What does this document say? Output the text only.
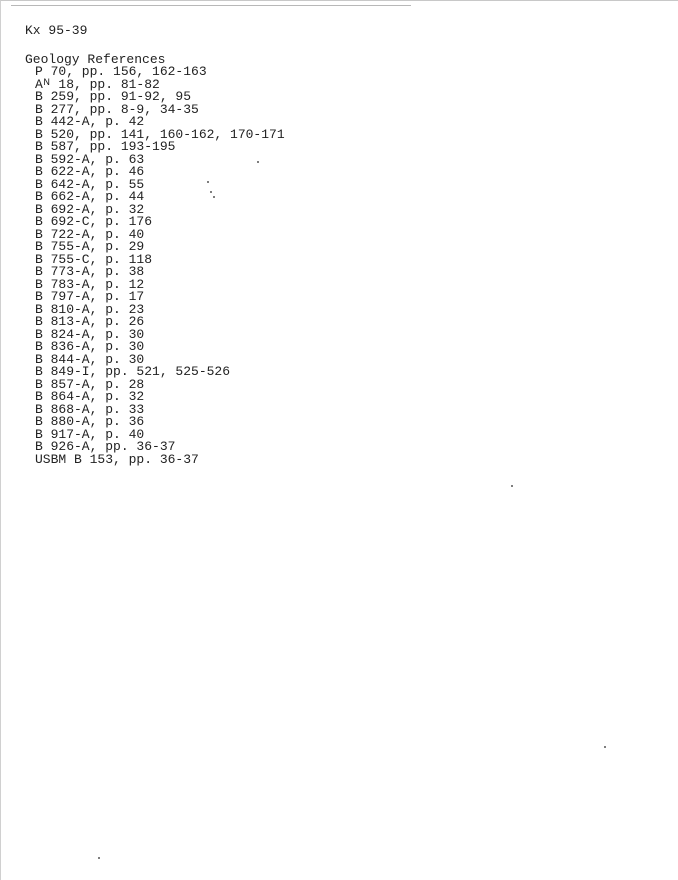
Kx 95-39
Geology References
P 70, pp. 156, 162-163
Aᴺ 18, pp. 81-82
B 259, pp. 91-92, 95
B 277, pp. 8-9, 34-35
B 442-A, p. 42
B 520, pp. 141, 160-162, 170-171
B 587, pp. 193-195
B 592-A, p. 63
B 622-A, p. 46
B 642-A, p. 55
B 662-A, p. 44
B 692-A, p. 32
B 692-C, p. 176
B 722-A, p. 40
B 755-A, p. 29
B 755-C, p. 118
B 773-A, p. 38
B 783-A, p. 12
B 797-A, p. 17
B 810-A, p. 23
B 813-A, p. 26
B 824-A, p. 30
B 836-A, p. 30
B 844-A, p. 30
B 849-I, pp. 521, 525-526
B 857-A, p. 28
B 864-A, p. 32
B 868-A, p. 33
B 880-A, p. 36
B 917-A, p. 40
B 926-A, pp. 36-37
USBM B 153, pp. 36-37
